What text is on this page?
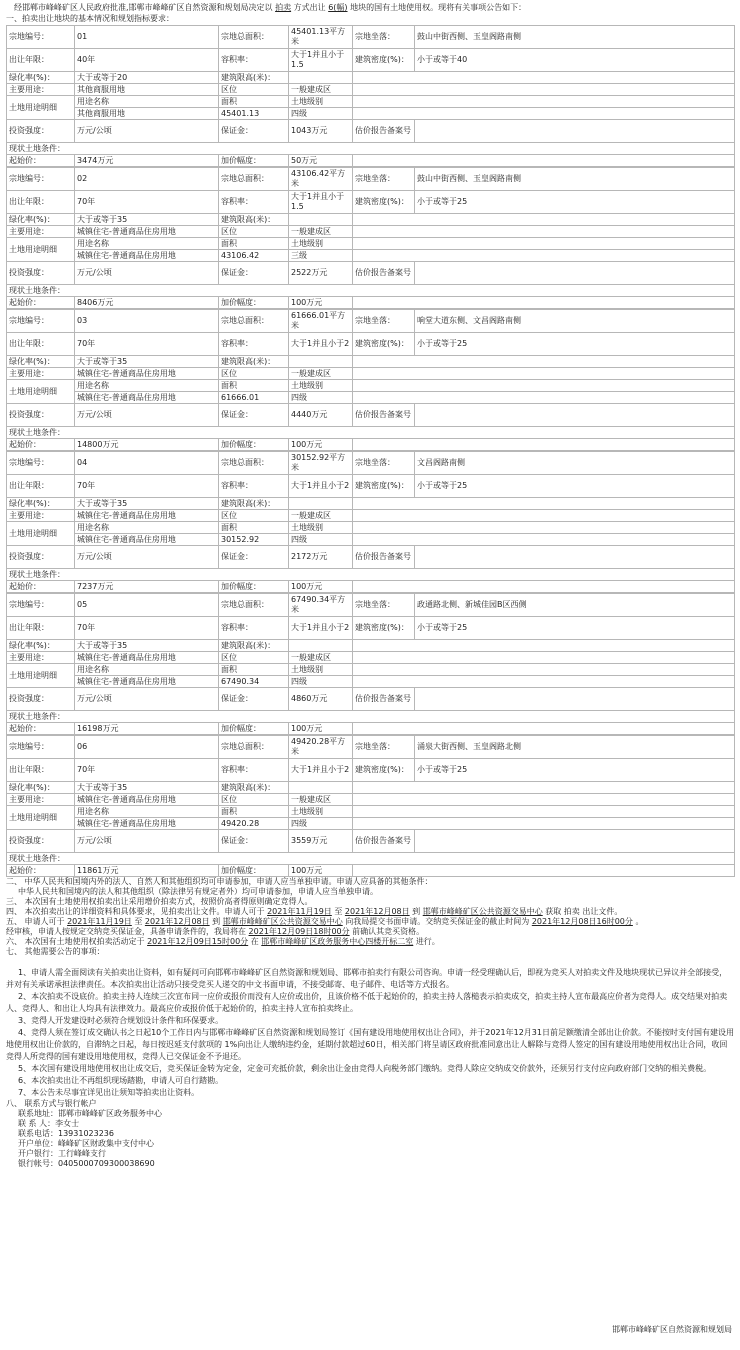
经邯郸市峰峰矿区人民政府批准,邯郸市峰峰矿区自然资源和规划局决定以 拍卖 方式出让 6(幅) 地块的国有土地使用权。现将有关事项公告如下：
一、拍卖出让地块的基本情况和规划指标要求：
宗地编号：	01	宗地总面积：	45401.13平方米	宗地坐落：	鼓山中街西侧、玉皇阁路南侧
出让年限：	40年	容积率：	大于1并且小于1.5	建筑密度(%)：	小于或等于40
绿化率(%)：	大于或等于20	建筑限高(米)：			
主要用途：	其他商服用地	区位	一般建成区		
土地用途明细	用途名称	面积	土地级别		
	其他商服用地	45401.13	四级		
投资强度：	万元/公顷	保证金：	1043万元	估价报告备案号	
现状土地条件：					
起始价：	3474万元	加价幅度：	50万元		
宗地编号：	02	宗地总面积：	43106.42平方米	宗地坐落：	鼓山中街西侧、玉皇阁路南侧
出让年限：	70年	容积率：	大于1并且小于1.5	建筑密度(%)：	小于或等于25
绿化率(%)：	大于或等于35	建筑限高(米)：			
主要用途：	城镇住宅-普通商品住房用地	区位	一般建成区		
土地用途明细	用途名称	面积	土地级别		
	城镇住宅-普通商品住房用地	43106.42	三级		
投资强度：	万元/公顷	保证金：	2522万元	估价报告备案号	
现状土地条件：					
起始价：	8406万元	加价幅度：	100万元		
宗地编号：	03	宗地总面积：	61666.01平方米	宗地坐落：	响堂大道东侧、文昌阁路南侧
出让年限：	70年	容积率：	大于1并且小于2	建筑密度(%)：	小于或等于25
绿化率(%)：	大于或等于35	建筑限高(米)：			
主要用途：	城镇住宅-普通商品住房用地	区位	一般建成区		
土地用途明细	用途名称	面积	土地级别		
	城镇住宅-普通商品住房用地	61666.01	四级		
投资强度：	万元/公顷	保证金：	4440万元	估价报告备案号	
现状土地条件：					
起始价：	14800万元	加价幅度：	100万元		
宗地编号：	04	宗地总面积：	30152.92平方米	宗地坐落：	文昌阁路南侧
出让年限：	70年	容积率：	大于1并且小于2	建筑密度(%)：	小于或等于25
绿化率(%)：	大于或等于35	建筑限高(米)：			
主要用途：	城镇住宅-普通商品住房用地	区位	一般建成区		
土地用途明细	用途名称	面积	土地级别		
	城镇住宅-普通商品住房用地	30152.92	四级		
投资强度：	万元/公顷	保证金：	2172万元	估价报告备案号	
现状土地条件：					
起始价：	7237万元	加价幅度：	100万元		
宗地编号：	05	宗地总面积：	67490.34平方米	宗地坐落：	政通路北侧、新城佳园B区西侧
出让年限：	70年	容积率：	大于1并且小于2	建筑密度(%)：	小于或等于25
绿化率(%)：	大于或等于35	建筑限高(米)：			
主要用途：	城镇住宅-普通商品住房用地	区位	一般建成区		
土地用途明细	用途名称	面积	土地级别		
	城镇住宅-普通商品住房用地	67490.34	四级		
投资强度：	万元/公顷	保证金：	4860万元	估价报告备案号	
现状土地条件：					
起始价：	16198万元	加价幅度：	100万元		
宗地编号：	06	宗地总面积：	49420.28平方米	宗地坐落：	涌泉大街西侧、玉皇阁路北侧
出让年限：	70年	容积率：	大于1并且小于2	建筑密度(%)：	小于或等于25
绿化率(%)：	大于或等于35	建筑限高(米)：			
主要用途：	城镇住宅-普通商品住房用地	区位	一般建成区		
土地用途明细	用途名称	面积	土地级别		
	城镇住宅-普通商品住房用地	49420.28	四级		
投资强度：	万元/公顷	保证金：	3559万元	估价报告备案号	
现状土地条件：					
起始价：	11861万元	加价幅度：	100万元		

二、 中华人民共和国境内外的法人、自然人和其他组织均可申请参加，申请人应当单独申请。申请人应具备的其他条件：

中华人民共和国境内的法人和其他组织（除法律另有规定者外）均可申请参加，申请人应当单独申请。

三、 本次国有土地使用权拍卖出让采用增价拍卖方式，按照价高者得原则确定竞得人。

四、 本次拍卖出让的详细资料和具体要求，见拍卖出让文件。申请人可于 2021年11月19日 至 2021年12月08日 到 邯郸市峰峰矿区公共资源交易中心 获取 拍卖 出让文件。

五、 申请人可于 2021年11月19日 至 2021年12月08日 到 邯郸市峰峰矿区公共资源交易中心 向我局提交书面申请。交纳竞买保证金的截止时间为 2021年12月08日16时00分 。

经审核，申请人按规定交纳竞买保证金，具备申请条件的，我局将在 2021年12月09日18时00分 前确认其竞买资格。

六、 本次国有土地使用权拍卖活动定于 2021年12月09日15时00分 在 邯郸市峰峰矿区政务服务中心四楼开标二室 进行。

七、 其他需要公告的事项：

1、申请人需全面阅读有关拍卖出让资料，如有疑问可向邯郸市峰峰矿区自然资源和规划局、邯郸市拍卖行有限公司咨询。申请一经受理确认后，即视为竞买人对拍卖文件及地块现状已异议并全部接受，并对有关承诺承担法律责任。本次拍卖出让活动只接受竞买人递交的中文书面申请，不接受邮寄、电子邮件、电话等方式报名。

2、本次拍卖不设底价。拍卖主持人连续三次宣布同一应价或报价而没有人应价或出价，且该价格不低于起始价的，拍卖主持人落槌表示拍卖成交，拍卖主持人宣布最高应价者为竞得人。成交结果对拍卖人、竞得人、和出让人均具有法律效力。最高应价或报价低于起始价的，拍卖主持人宣布拍卖终止。

3、竞得人开发建设时必须符合规划设计条件和环保要求。

4、竞得人须在签订成交确认书之日起10个工作日内与邯郸市峰峰矿区自然资源和规划局签订《国有建设用地使用权出让合同》，并于2021年12月31日前足额缴清全部出让价款。不能按时支付国有建设用地使用权出让价款的，自滞纳之日起，每日按迟延支付款项的 1%向出让人缴纳违约金，延期付款超过60日，相关部门将呈请区政府批准同意出让人解除与竞得人签定的国有建设用地使用权出让合同，收回竞得人所竞得的国有建设用地使用权，竞得人已交保证金不予退还。

5、本次国有建设用地使用权出让成交后，竞买保证金转为定金，定金可充抵价款，剩余出让金由竞得人向税务部门缴纳。竞得人除应交纳成交价款外，还须另行支付应向政府部门交纳的相关费税。

6、本次拍卖出让不再组织现场踏勘，申请人可自行踏勘。

7、本公告未尽事宜详见出让须知等拍卖出让资料。

八、 联系方式与银行帐户

联系地址：邯郸市峰峰矿区政务服务中心

联 系 人：李女士

联系电话：13931023236

开户单位：峰峰矿区财政集中支付中心

开户银行：工行峰峰支行

银行帐号：0405000709300038690

邯郸市峰峰矿区自然资源和规划局
